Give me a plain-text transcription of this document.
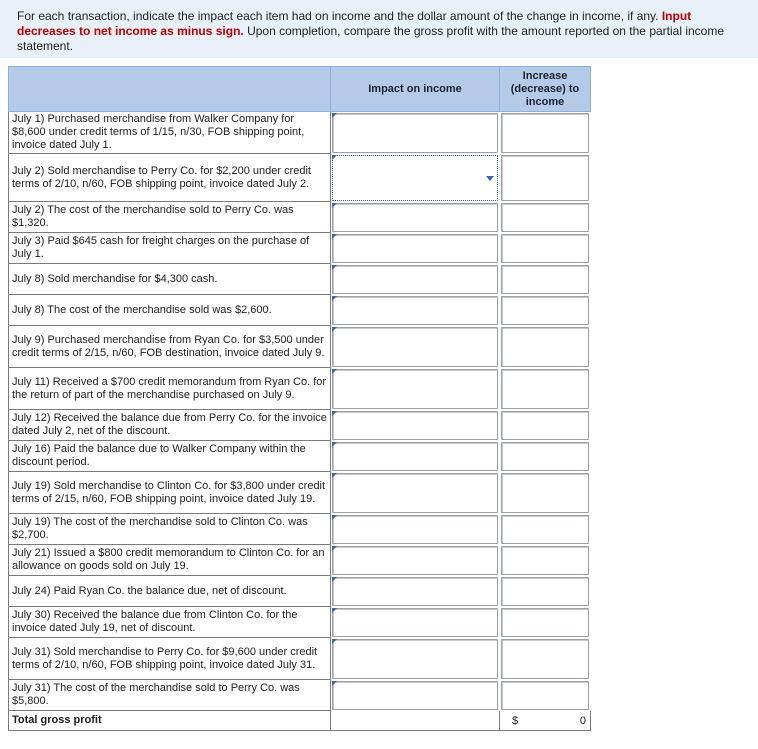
For each transaction, indicate the impact each item had on income and the dollar amount of the change in income, if any. Input decreases to net income as minus sign. Upon completion, compare the gross profit with the amount reported on the partial income statement.
	Impact on income	Increase
(decrease) to
income
July 1) Purchased merchandise from Walker Company for $8,600 under credit terms of 1/15, n/30, FOB shipping point, invoice dated July 1.	

July 2) Sold merchandise to Perry Co. for $2,200 under credit terms of 2/10, n/60, FOB shipping point, invoice dated July 2.	

July 2) The cost of the merchandise sold to Perry Co. was $1,320.	

July 3) Paid $645 cash for freight charges on the purchase of July 1.	

July 8) Sold merchandise for $4,300 cash.	

July 8) The cost of the merchandise sold was $2,600.	

July 9) Purchased merchandise from Ryan Co. for $3,500 under credit terms of 2/15, n/60, FOB destination, invoice dated July 9.	

July 11) Received a $700 credit memorandum from Ryan Co. for the return of part of the merchandise purchased on July 9.	

July 12) Received the balance due from Perry Co. for the invoice dated July 2, net of the discount.	

July 16) Paid the balance due to Walker Company within the discount period.	

July 19) Sold merchandise to Clinton Co. for $3,800 under credit terms of 2/15, n/60, FOB shipping point, invoice dated July 19.	

July 19) The cost of the merchandise sold to Clinton Co. was $2,700.	

July 21) Issued a $800 credit memorandum to Clinton Co. for an allowance on goods sold on July 19.	

July 24) Paid Ryan Co. the balance due, net of discount.	

July 30) Received the balance due from Clinton Co. for the invoice dated July 19, net of discount.	

July 31) Sold merchandise to Perry Co. for $9,600 under credit terms of 2/10, n/60, FOB shipping point, invoice dated July 31.	

July 31) The cost of the merchandise sold to Perry Co. was $5,800.	

Total gross profit		$ 0
